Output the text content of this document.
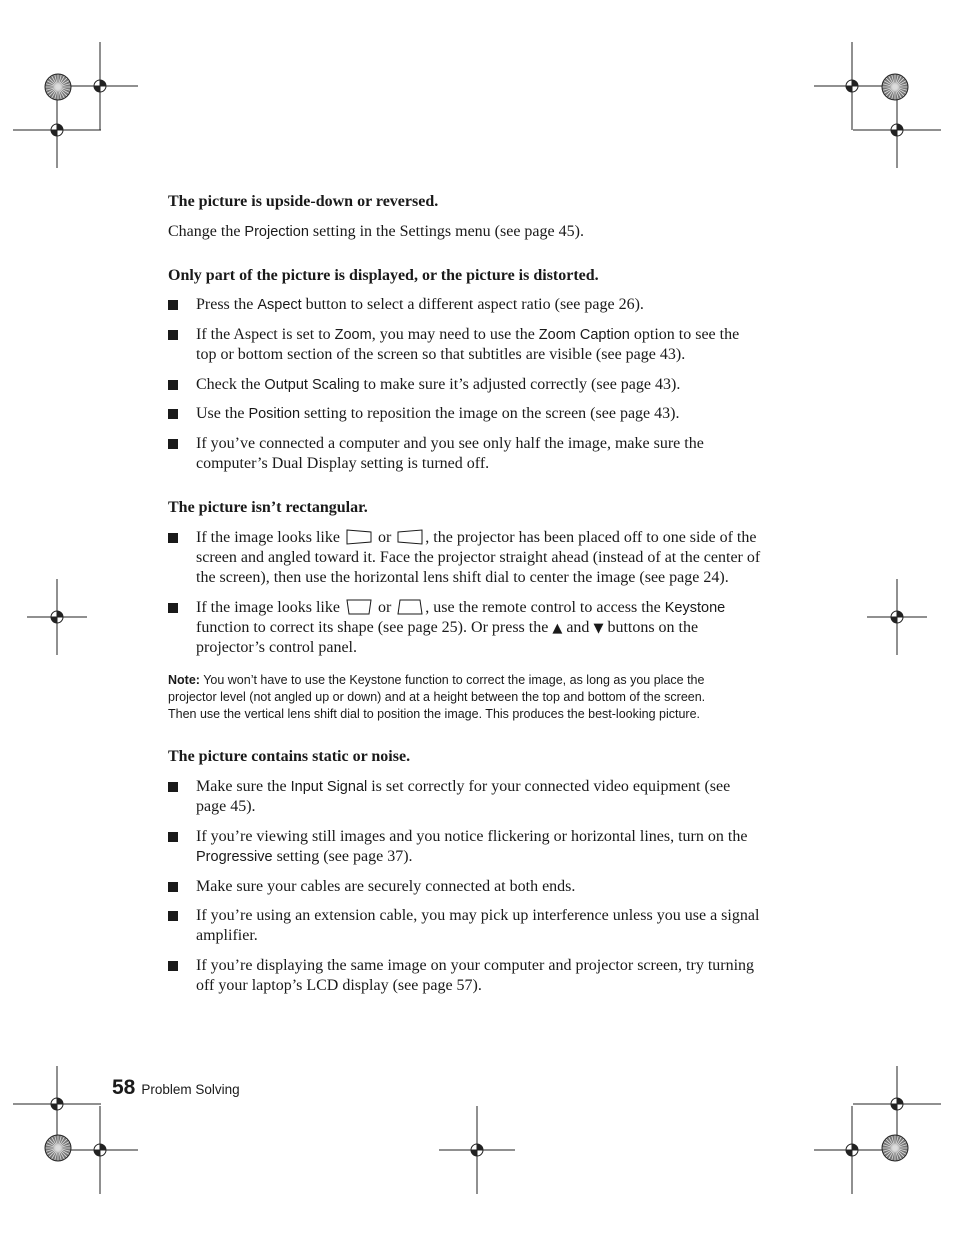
The picture is upside-down or reversed.
Change the Projection setting in the Settings menu (see page 45).
Only part of the picture is displayed, or the picture is distorted.
Press the Aspect button to select a different aspect ratio (see page 26).
If the Aspect is set to Zoom, you may need to use the Zoom Caption option to see the
top or bottom section of the screen so that subtitles are visible (see page 43).
Check the Output Scaling to make sure it’s adjusted correctly (see page 43).
Use the Position setting to reposition the image on the screen (see page 43).
If you’ve connected a computer and you see only half the image, make sure the
computer’s Dual Display setting is turned off.
The picture isn’t rectangular.
If the image looks like  or , the projector has been placed off to one side of the
screen and angled toward it. Face the projector straight ahead (instead of at the center of
the screen), then use the horizontal lens shift dial to center the image (see page 24).
If the image looks like  or , use the remote control to access the Keystone
function to correct its shape (see page 25). Or press the ▲ and ▼ buttons on the
projector’s control panel.
Note: You won’t have to use the Keystone function to correct the image, as long as you place the
projector level (not angled up or down) and at a height between the top and bottom of the screen.
Then use the vertical lens shift dial to position the image. This produces the best-looking picture.
The picture contains static or noise.
Make sure the Input Signal is set correctly for your connected video equipment (see
page 45).
If you’re viewing still images and you notice flickering or horizontal lines, turn on the
Progressive setting (see page 37).
Make sure your cables are securely connected at both ends.
If you’re using an extension cable, you may pick up interference unless you use a signal
amplifier.
If you’re displaying the same image on your computer and projector screen, try turning
off your laptop’s LCD display (see page 57).
58 Problem Solving
